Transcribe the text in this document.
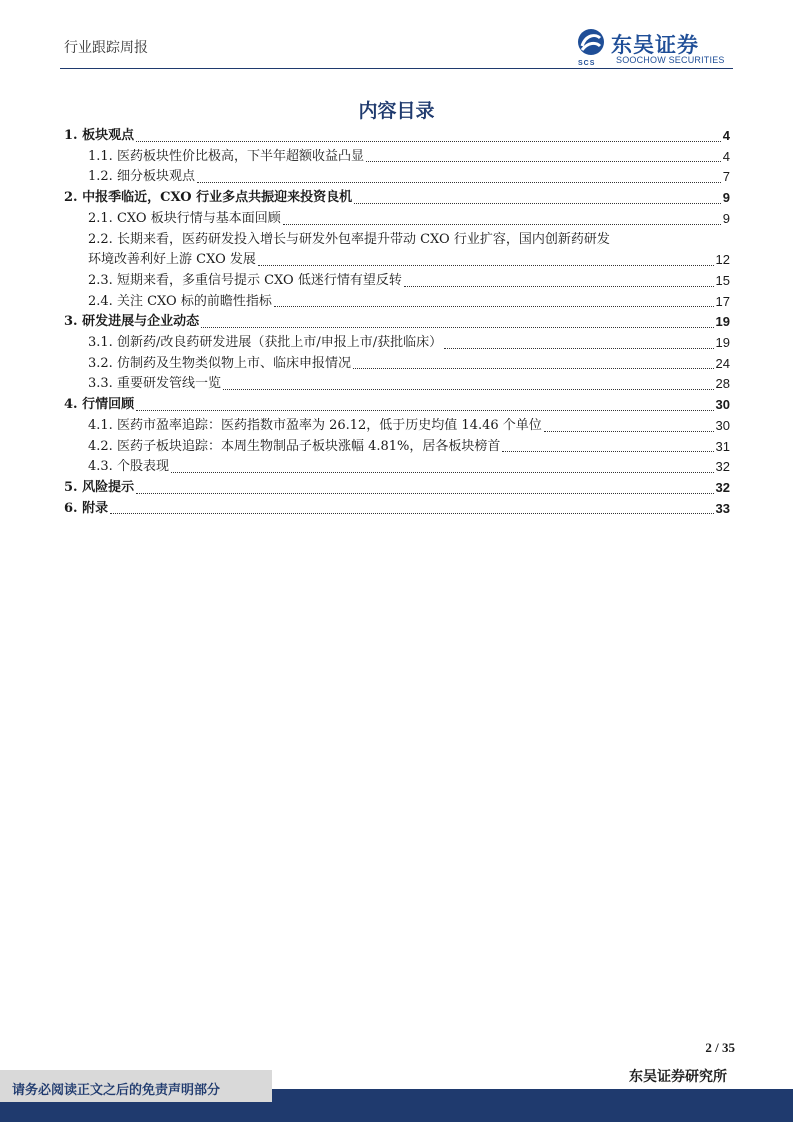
行业跟踪周报	东吴证券
SOOCHOW SECURITIES
SCS
内容目录
1. 板块观点	4
1.1. 医药板块性价比极高，下半年超额收益凸显	4
1.2. 细分板块观点	7
2. 中报季临近，CXO 行业多点共振迎来投资良机	9
2.1. CXO 板块行情与基本面回顾	9
2.2. 长期来看，医药研发投入增长与研发外包率提升带动 CXO 行业扩容，国内创新药研发
环境改善利好上游 CXO 发展	12
2.3. 短期来看，多重信号提示 CXO 低迷行情有望反转	15
2.4. 关注 CXO 标的前瞻性指标	17
3. 研发进展与企业动态	19
3.1. 创新药/改良药研发进展（获批上市/申报上市/获批临床）	19
3.2. 仿制药及生物类似物上市、临床申报情况	24
3.3. 重要研发管线一览	28
4. 行情回顾	30
4.1. 医药市盈率追踪：医药指数市盈率为 26.12，低于历史均值 14.46 个单位	30
4.2. 医药子板块追踪：本周生物制品子板块涨幅 4.81%，居各板块榜首	31
4.3. 个股表现	32
5. 风险提示	32
6. 附录	33
2 / 35
东吴证券研究所
请务必阅读正文之后的免责声明部分
